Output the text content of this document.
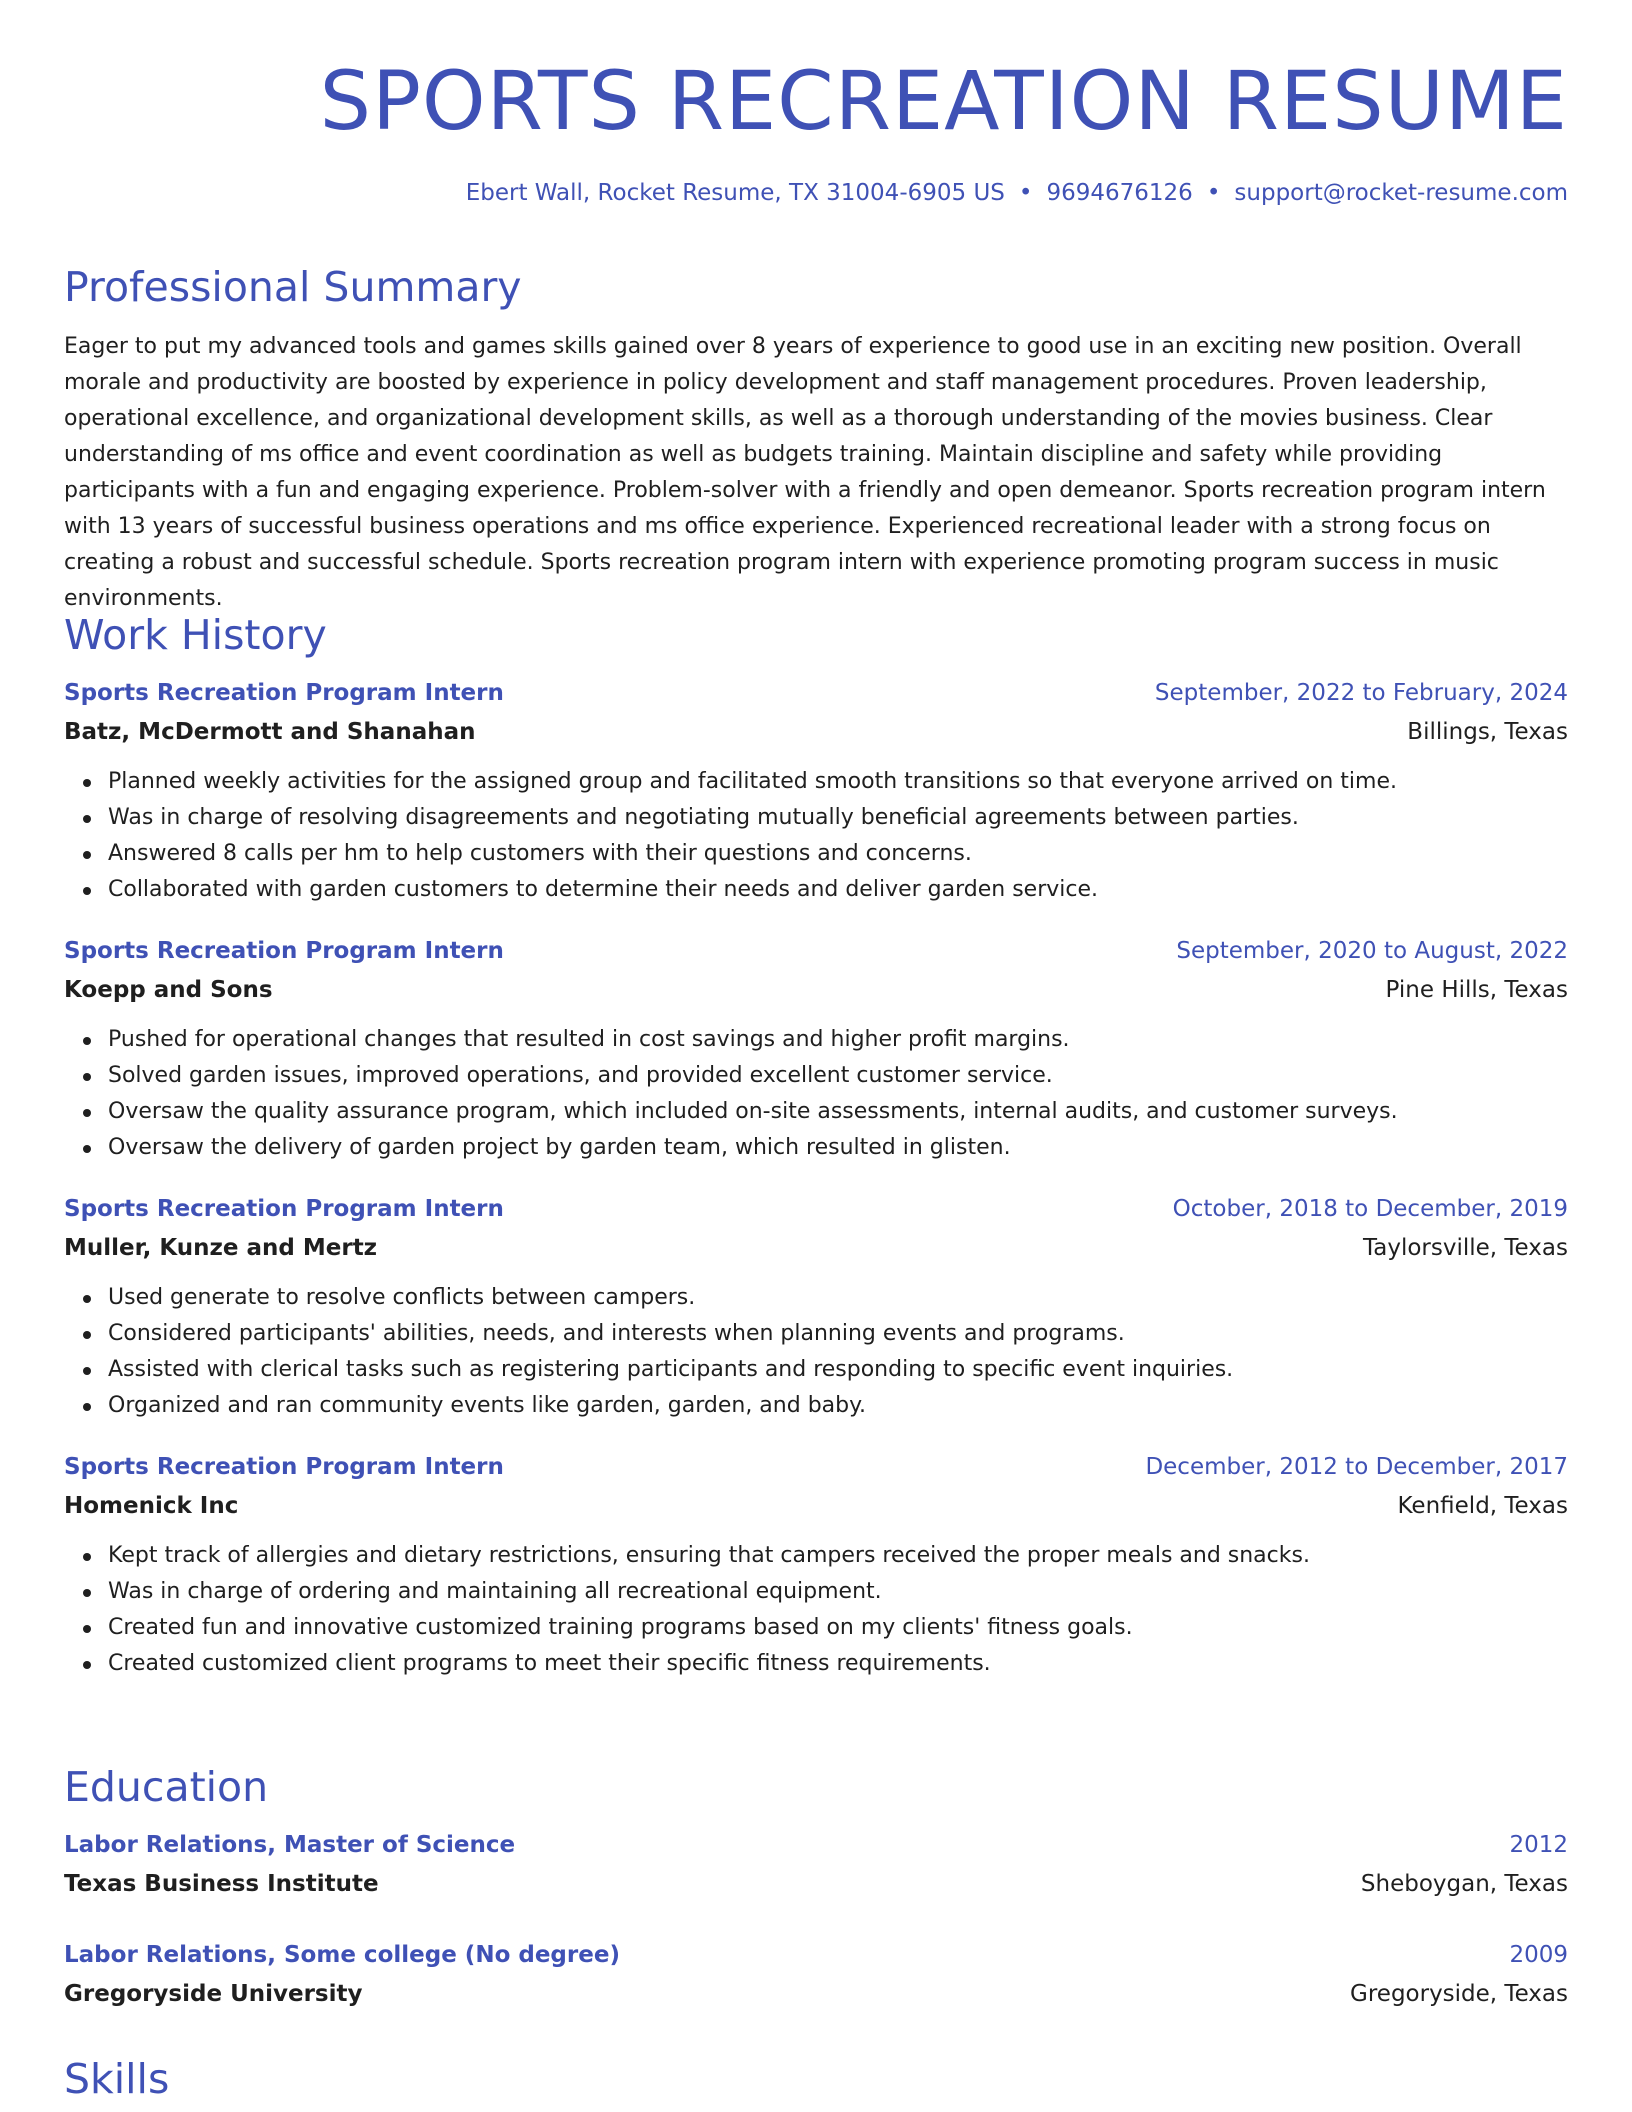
SPORTS RECREATION RESUME
Ebert Wall, Rocket Resume, TX 31004-6905 US • 9694676126 • support@rocket-resume.com
Professional Summary

Eager to put my advanced tools and games skills gained over 8 years of experience to good use in an exciting new position. Overall morale and productivity are boosted by experience in policy development and staff management procedures. Proven leadership, operational excellence, and organizational development skills, as well as a thorough understanding of the movies business. Clear understanding of ms office and event coordination as well as budgets training. Maintain discipline and safety while providing participants with a fun and engaging experience. Problem-solver with a friendly and open demeanor. Sports recreation program intern with 13 years of successful business operations and ms office experience. Experienced recreational leader with a strong focus on creating a robust and successful schedule. Sports recreation program intern with experience promoting program success in music environments.

Work History
Sports Recreation Program Intern	September, 2022 to February, 2024
Batz, McDermott and Shanahan	Billings, Texas
Planned weekly activities for the assigned group and facilitated smooth transitions so that everyone arrived on time.
Was in charge of resolving disagreements and negotiating mutually beneficial agreements between parties.
Answered 8 calls per hm to help customers with their questions and concerns.
Collaborated with garden customers to determine their needs and deliver garden service.
Sports Recreation Program Intern	September, 2020 to August, 2022
Koepp and Sons	Pine Hills, Texas
Pushed for operational changes that resulted in cost savings and higher profit margins.
Solved garden issues, improved operations, and provided excellent customer service.
Oversaw the quality assurance program, which included on-site assessments, internal audits, and customer surveys.
Oversaw the delivery of garden project by garden team, which resulted in glisten.
Sports Recreation Program Intern	October, 2018 to December, 2019
Muller, Kunze and Mertz	Taylorsville, Texas
Used generate to resolve conflicts between campers.
Considered participants' abilities, needs, and interests when planning events and programs.
Assisted with clerical tasks such as registering participants and responding to specific event inquiries.
Organized and ran community events like garden, garden, and baby.
Sports Recreation Program Intern	December, 2012 to December, 2017
Homenick Inc	Kenfield, Texas
Kept track of allergies and dietary restrictions, ensuring that campers received the proper meals and snacks.
Was in charge of ordering and maintaining all recreational equipment.
Created fun and innovative customized training programs based on my clients' fitness goals.
Created customized client programs to meet their specific fitness requirements.
Education
Labor Relations, Master of Science	2012
Texas Business Institute	Sheboygan, Texas
Labor Relations, Some college (No degree)	2009
Gregoryside University	Gregoryside, Texas
Skills
